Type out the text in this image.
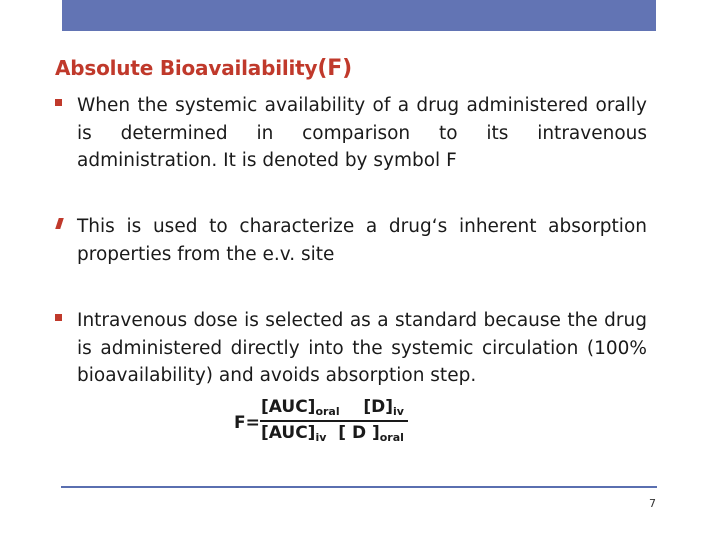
Absolute Bioavailability(F)
When the systemic availability of a drug administered orally is determined in comparison to its intravenous administration. It is denoted by symbol F
This is used to characterize a drug‘s inherent absorption properties from the e.v. site
Intravenous dose is selected as a standard because the drug is administered directly into the systemic circulation (100% bioavailability) and avoids absorption step.
F=
$[AUC]_{oral}$ $[D]_{iv}$
$[AUC]_{iv}$ [ D ]$_{oral}$
7
